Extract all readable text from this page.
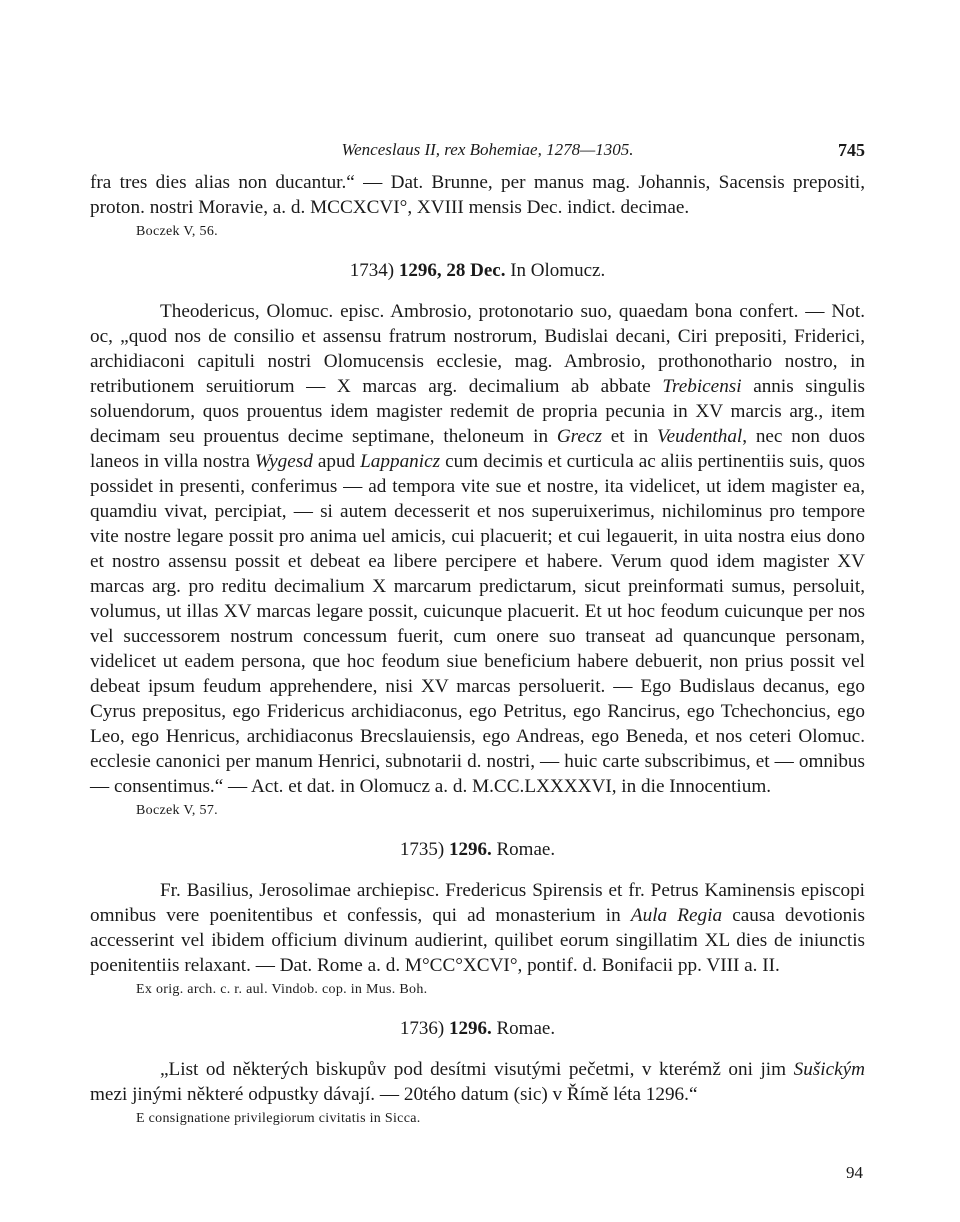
Wenceslaus II, rex Bohemiae, 1278—1305.	745

fra tres dies alias non ducantur.“ — Dat. Brunne, per manus mag. Johannis, Sacensis prepositi, proton. nostri Moravie, a. d. MCCXCVI°, XVIII mensis Dec. indict. decimae.

Boczek V, 56.
1734) 1296, 28 Dec. In Olomucz.

Theodericus, Olomuc. episc. Ambrosio, protonotario suo, quaedam bona confert. — Not. oc, „quod nos de consilio et assensu fratrum nostrorum, Budislai decani, Ciri prepositi, Friderici, archidiaconi capituli nostri Olomucensis ecclesie, mag. Ambrosio, prothonothario nostro, in retributionem seruitiorum — X marcas arg. decimalium ab abbate Trebicensi annis singulis soluendorum, quos prouentus idem magister redemit de propria pecunia in XV marcis arg., item decimam seu prouentus decime septimane, theloneum in Grecz et in Veudenthal, nec non duos laneos in villa nostra Wygesd apud Lappanicz cum decimis et curticula ac aliis pertinentiis suis, quos possidet in presenti, conferimus — ad tempora vite sue et nostre, ita videlicet, ut idem magister ea, quamdiu vivat, percipiat, — si autem decesserit et nos superuixerimus, nichilominus pro tempore vite nostre legare possit pro anima uel amicis, cui placuerit; et cui legauerit, in uita nostra eius dono et nostro assensu possit et debeat ea libere percipere et habere. Verum quod idem magister XV marcas arg. pro reditu decimalium X marcarum predictarum, sicut preinformati sumus, persoluit, volumus, ut illas XV marcas legare possit, cuicunque placuerit. Et ut hoc feodum cuicunque per nos vel successorem nostrum concessum fuerit, cum onere suo transeat ad quancunque personam, videlicet ut eadem persona, que hoc feodum siue beneficium habere debuerit, non prius possit vel debeat ipsum feudum apprehendere, nisi XV marcas persoluerit. — Ego Budislaus decanus, ego Cyrus prepositus, ego Fridericus archidiaconus, ego Petritus, ego Rancirus, ego Tchechoncius, ego Leo, ego Henricus, archidiaconus Brecslauiensis, ego Andreas, ego Beneda, et nos ceteri Olomuc. ecclesie canonici per manum Henrici, subnotarii d. nostri, — huic carte subscribimus, et — omnibus — consentimus.“ — Act. et dat. in Olomucz a. d. M.CC.LXXXXVI, in die Innocentium.

Boczek V, 57.
1735) 1296. Romae.

Fr. Basilius, Jerosolimae archiepisc. Fredericus Spirensis et fr. Petrus Kaminensis episcopi omnibus vere poenitentibus et confessis, qui ad monasterium in Aula Regia causa devotionis accesserint vel ibidem officium divinum audierint, quilibet eorum singillatim XL dies de iniunctis poenitentiis relaxant. — Dat. Rome a. d. M°CC°XCVI°, pontif. d. Bonifacii pp. VIII a. II.

Ex orig. arch. c. r. aul. Vindob. cop. in Mus. Boh.
1736) 1296. Romae.

„List od některých biskupův pod desítmi visutými pečetmi, v kterémž oni jim Sušickým mezi jinými některé odpustky dávají. — 20tého datum (sic) v Římě léta 1296.“

E consignatione privilegiorum civitatis in Sicca.
94
